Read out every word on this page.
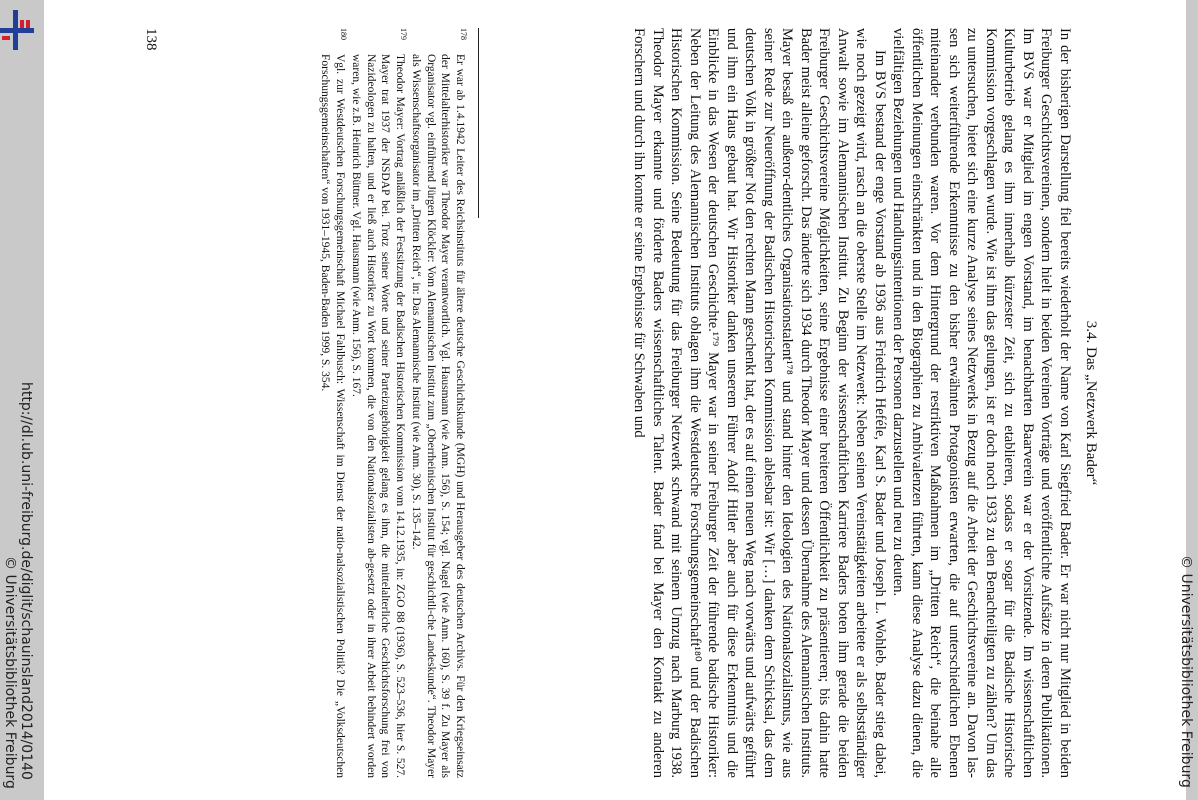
http://dl.ub.uni-freiburg.de/diglit/schauinsland2014/0140
© Universitätsbibliothek Freiburg
3.4. Das „Netzwerk Bader“

In der bisherigen Darstellung fiel bereits wiederholt der Name von Karl Siegfried Bader. Er war nicht nur Mitglied in beiden Freiburger Geschichtsvereinen, sondern hielt in beiden Vereinen Vorträge und veröffentlichte Aufsätze in deren Publikationen. Im BVS war er Mitglied im engen Vorstand, im benachbarten Baarverein war er der Vorsitzende. Im wissenschaftlichen Kulturbetrieb gelang es ihm innerhalb kürzester Zeit, sich zu etablieren, sodass er sogar für die Badische Historische Kommission vorgeschlagen wurde. Wie ist ihm das gelungen, ist er doch noch 1933 zu den Benachteiligten zu zählen? Um das zu untersuchen, bietet sich eine kurze Analyse seines Netzwerks in Bezug auf die Arbeit der Geschichtsvereine an. Davon las-sen sich weiterführende Erkenntnisse zu den bisher erwähnten Protagonisten erwarten, die auf unterschiedlichen Ebenen miteinander verbunden waren. Vor dem Hintergrund der restriktiven Maßnahmen im „Dritten Reich“, die beinahe alle öffentlichen Meinungen einschränkten und in den Biographien zu Ambivalenzen führten, kann diese Analyse dazu dienen, die vielfältigen Beziehungen und Handlungsintentionen der Personen darzustellen und neu zu deuten.

Im BVS bestand der enge Vorstand ab 1936 aus Friedrich Heféle, Karl S. Bader und Joseph L. Wohleb. Bader stieg dabei, wie noch gezeigt wird, rasch an die oberste Stelle im Netzwerk: Neben seinen Vereinstätigkeiten arbeitete er als selbstständiger Anwalt sowie im Alemannischen Institut. Zu Beginn der wissenschaftlichen Karriere Baders boten ihm gerade die beiden Freiburger Geschichtsvereine Möglichkeiten, seine Ergebnisse einer breiteren Öffentlichkeit zu präsentieren; bis dahin hatte Bader meist alleine geforscht. Das änderte sich 1934 durch Theodor Mayer und dessen Übernahme des Alemannischen Instituts. Mayer besaß ein außeror-dentliches Organisationstalent¹⁷⁸ und stand hinter den Ideologien des Nationalsozialismus, wie aus seiner Rede zur Neueröffnung der Badischen Historischen Kommission ablesbar ist: Wir […] danken dem Schicksal, das dem deutschen Volk in größter Not den rechten Mann geschenkt hat, der es auf einen neuen Weg nach vorwärts und aufwärts geführt und ihm ein Haus gebaut hat. Wir Historiker danken unserem Führer Adolf Hitler aber auch für diese Erkenntnis und die Einblicke in das Wesen der deutschen Geschichte.¹⁷⁹ Mayer war in seiner Freiburger Zeit der führende badische Historiker: Neben der Leitung des Alemannischen Instituts oblagen ihm die Westdeutsche Forschungsgemeinschaft¹⁸⁰ und der Badischen Historischen Kommission. Seine Bedeutung für das Freiburger Netzwerk schwand mit seinem Umzug nach Marburg 1938. Theodor Mayer erkannte und förderte Baders wissenschaftliches Talent. Bader fand bei Mayer den Kontakt zu anderen Forschern und durch ihn konnte er seine Ergebnisse für Schwaben und

178
Er war ab 1.4.1942 Leiter des Reichsinstituts für ältere deutsche Geschichtskunde (MGH) und Herausgeber des deutschen Archivs. Für den Kriegseinsatz der Mittelalterhistoriker war Theodor Mayer verantwortlich. Vgl. Hausmann (wie Anm. 156), S. 154; vgl. Nagel (wie Anm. 160), S. 39 f. Zu Mayer als Organisator vgl. einführend Jürgen Klöckler: Vom Alemannischen Institut zum „Oberrheinischen Institut für geschichtli-che Landeskunde“. Theodor Mayer als Wissenschaftsorganisator im „Dritten Reich“, in: Das Alemannische Institut (wie Anm. 30), S. 135–142.
179
Theodor Mayer: Vortrag anläßlich der Festsitzung der Badischen Historischen Kommission vom 14.12.1935, in: ZGO 88 (1936), S. 523–536, hier S. 527. Mayer trat 1937 der NSDAP bei. Trotz seiner Worte und seiner Parteizugehörigkeit gelang es ihm, die mittelalterliche Geschichtsforschung frei von Nazideologen zu halten, und er ließ auch Historiker zu Wort kommen, die von den Nationalsozialisten ab-gesetzt oder in ihrer Arbeit behindert worden waren, wie z.B. Heinrich Büttner. Vgl. Hausmann (wie Anm. 156), S. 167.
180
Vgl. zur Westdeutschen Forschungsgemeinschaft Michael Fahlbusch: Wissenschaft im Dienst der natio-nalsozialistischen Politik? Die „Volksdeutschen Forschungsgemeinschaften“ von 1931–1945, Baden-Baden 1999, S. 354.
138
© Universitätsbibliothek Freiburg
